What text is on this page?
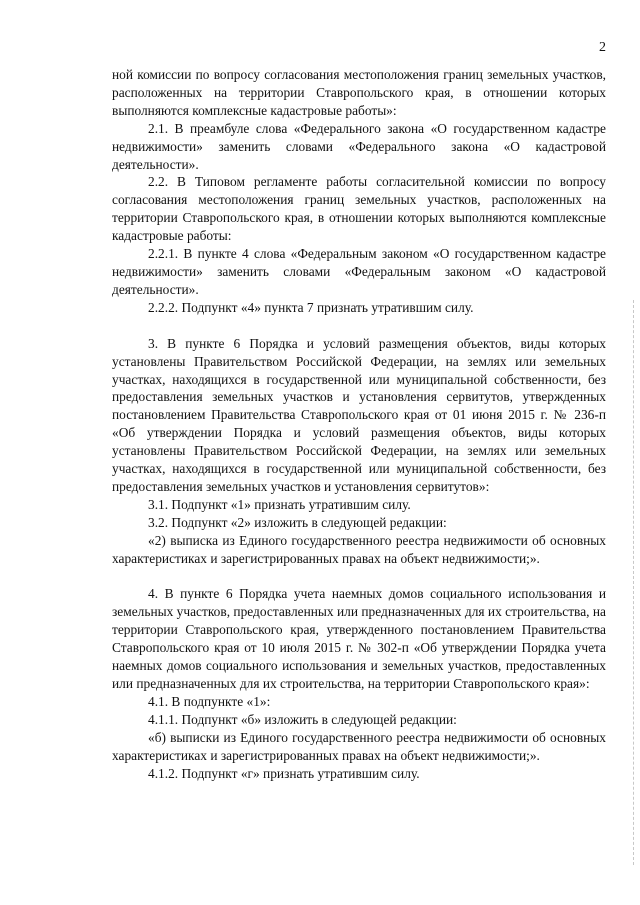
2

ной комиссии по вопросу согласования местоположения границ земельных участков, расположенных на территории Ставропольского края, в отношении которых выполняются комплексные кадастровые работы»:

2.1. В преамбуле слова «Федерального закона «О государственном кадастре недвижимости» заменить словами «Федерального закона «О кадастровой деятельности».

2.2. В Типовом регламенте работы согласительной комиссии по вопросу согласования местоположения границ земельных участков, расположенных на территории Ставропольского края, в отношении которых выполняются комплексные кадастровые работы:

2.2.1. В пункте 4 слова «Федеральным законом «О государственном кадастре недвижимости» заменить словами «Федеральным законом «О кадастровой деятельности».

2.2.2. Подпункт «4» пункта 7 признать утратившим силу.

3. В пункте 6 Порядка и условий размещения объектов, виды которых установлены Правительством Российской Федерации, на землях или земельных участках, находящихся в государственной или муниципальной собственности, без предоставления земельных участков и установления сервитутов, утвержденных постановлением Правительства Ставропольского края от 01 июня 2015 г. № 236-п «Об утверждении Порядка и условий размещения объектов, виды которых установлены Правительством Российской Федерации, на землях или земельных участках, находящихся в государственной или муниципальной собственности, без предоставления земельных участков и установления сервитутов»:

3.1. Подпункт «1» признать утратившим силу.

3.2. Подпункт «2» изложить в следующей редакции:

«2) выписка из Единого государственного реестра недвижимости об основных характеристиках и зарегистрированных правах на объект недвижимости;».

4. В пункте 6 Порядка учета наемных домов социального использования и земельных участков, предоставленных или предназначенных для их строительства, на территории Ставропольского края, утвержденного постановлением Правительства Ставропольского края от 10 июля 2015 г. № 302-п «Об утверждении Порядка учета наемных домов социального использования и земельных участков, предоставленных или предназначенных для их строительства, на территории Ставропольского края»:

4.1. В подпункте «1»:

4.1.1. Подпункт «б» изложить в следующей редакции:

«б) выписки из Единого государственного реестра недвижимости об основных характеристиках и зарегистрированных правах на объект недвижимости;».

4.1.2. Подпункт «г» признать утратившим силу.
